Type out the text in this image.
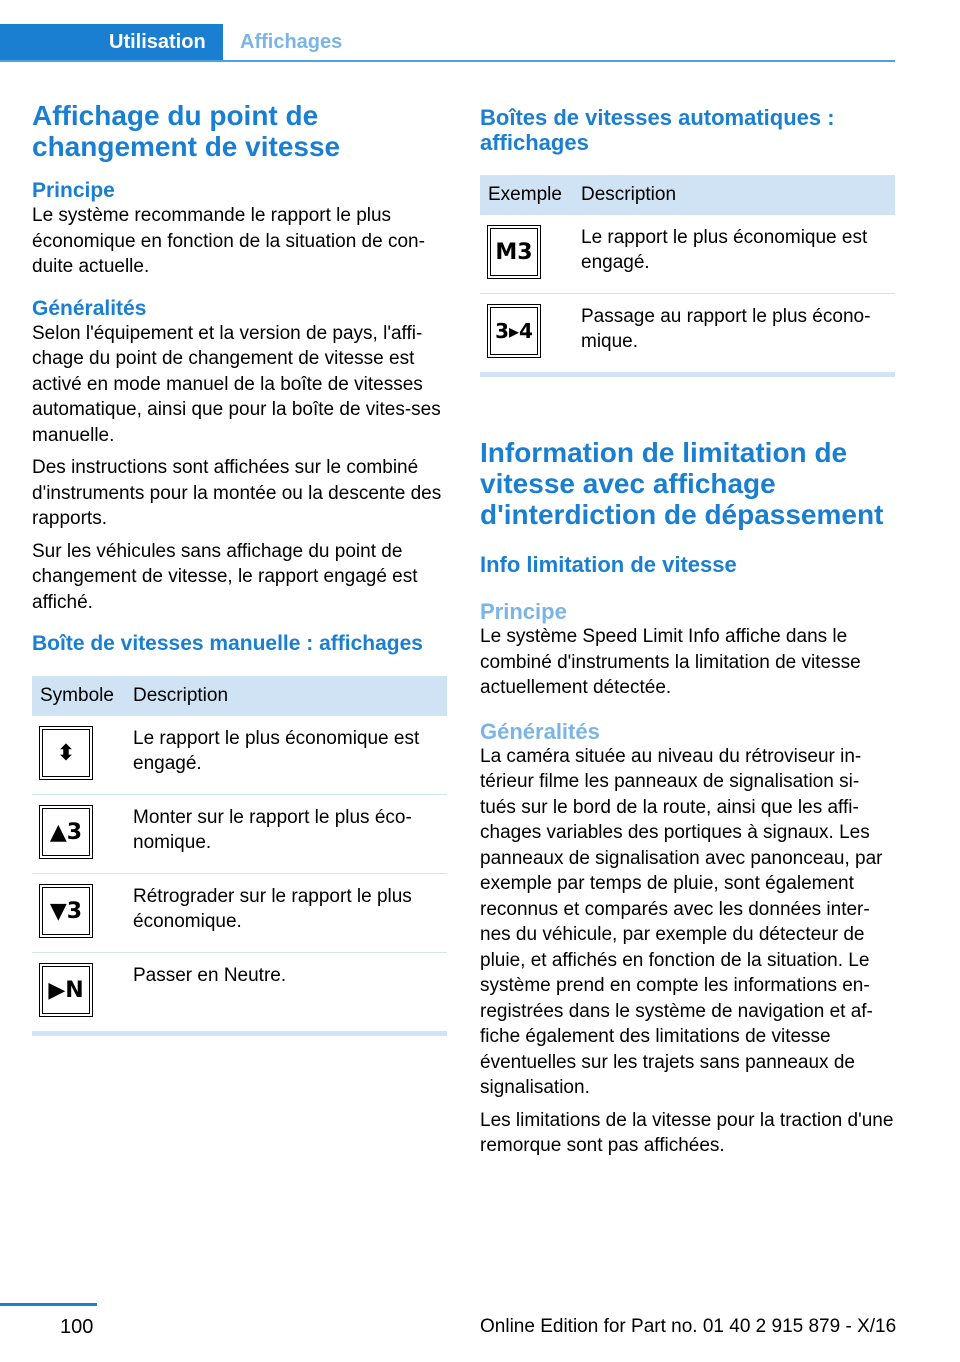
Utilisation	Affichages
Affichage du point de changement de vitesse
Principe

Le système recommande le rapport le plus économique en fonction de la situation de con-duite actuelle.

Généralités

Selon l'équipement et la version de pays, l'affi-chage du point de changement de vitesse est activé en mode manuel de la boîte de vitesses automatique, ainsi que pour la boîte de vites-ses manuelle.

Des instructions sont affichées sur le combiné d'instruments pour la montée ou la descente des rapports.

Sur les véhicules sans affichage du point de changement de vitesse, le rapport engagé est affiché.

Boîte de vitesses manuelle : affichages
Symbole	Description

⬍	Le rapport le plus économique est engagé.

▲3	Monter sur le rapport le plus éco-nomique.

▼3	Rétrograder sur le rapport le plus économique.

▶N	Passer en Neutre.
Boîtes de vitesses automatiques : affichages
Exemple	Description

M3	Le rapport le plus économique est engagé.

3▸4	Passage au rapport le plus écono-mique.
Information de limitation de vitesse avec affichage d'interdiction de dépassement
Info limitation de vitesse
Principe

Le système Speed Limit Info affiche dans le combiné d'instruments la limitation de vitesse actuellement détectée.

Généralités

La caméra située au niveau du rétroviseur in-térieur filme les panneaux de signalisation si-tués sur le bord de la route, ainsi que les affi-chages variables des portiques à signaux. Les panneaux de signalisation avec panonceau, par exemple par temps de pluie, sont également reconnus et comparés avec les données inter-nes du véhicule, par exemple du détecteur de pluie, et affichés en fonction de la situation. Le système prend en compte les informations en-registrées dans le système de navigation et af-fiche également des limitations de vitesse éventuelles sur les trajets sans panneaux de signalisation.

Les limitations de la vitesse pour la traction d'une remorque sont pas affichées.

100	Online Edition for Part no. 01 40 2 915 879 - X/16
